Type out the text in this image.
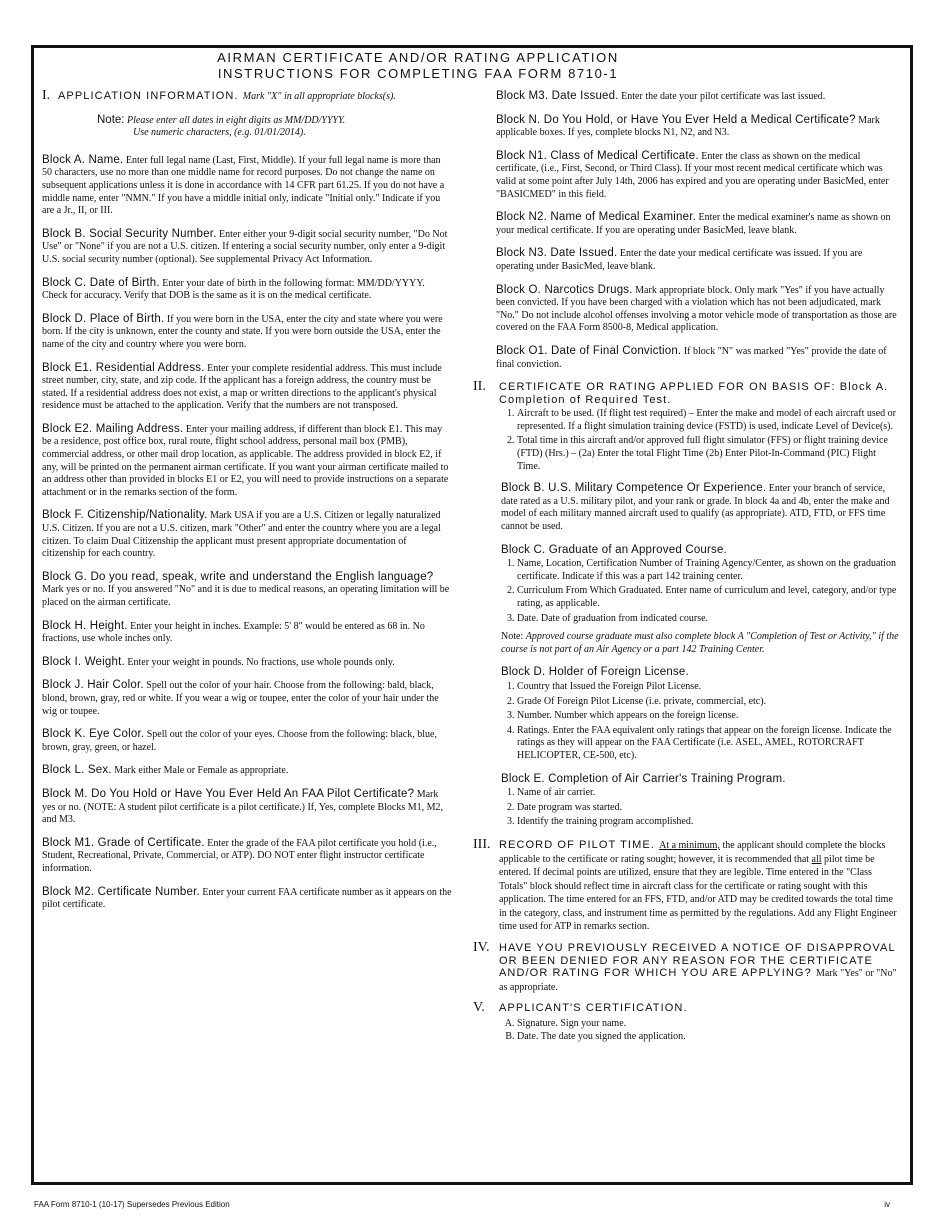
AIRMAN CERTIFICATE AND/OR RATING APPLICATION
INSTRUCTIONS FOR COMPLETING FAA FORM 8710-1
I. APPLICATION INFORMATION. Mark "X" in all appropriate blocks(s).
Note: Please enter all dates in eight digits as MM/DD/YYYY.
Use numeric characters, (e.g. 01/01/2014).
Block A. Name. Enter full legal name (Last, First, Middle). If your full legal name is more than 50 characters, use no more than one middle name for record purposes. Do not change the name on subsequent applications unless it is done in accordance with 14 CFR part 61.25. If you do not have a middle name, enter "NMN." If you have a middle initial only, indicate "Initial only." Indicate if you are a Jr., II, or III.
Block B. Social Security Number. Enter either your 9-digit social security number, "Do Not Use" or "None" if you are not a U.S. citizen. If entering a social security number, only enter a 9-digit U.S. social security number (optional). See supplemental Privacy Act Information.
Block C. Date of Birth. Enter your date of birth in the following format: MM/DD/YYYY. Check for accuracy. Verify that DOB is the same as it is on the medical certificate.
Block D. Place of Birth. If you were born in the USA, enter the city and state where you were born. If the city is unknown, enter the county and state. If you were born outside the USA, enter the name of the city and country where you were born.
Block E1. Residential Address. Enter your complete residential address. This must include street number, city, state, and zip code. If the applicant has a foreign address, the country must be stated. If a residential address does not exist, a map or written directions to the applicant's physical residence must be attached to the application. Verify that the numbers are not transposed.
Block E2. Mailing Address. Enter your mailing address, if different than block E1. This may be a residence, post office box, rural route, flight school address, personal mail box (PMB), commercial address, or other mail drop location, as applicable. The address provided in block E2, if any, will be printed on the permanent airman certificate. If you want your airman certificate mailed to an address other than provided in blocks E1 or E2, you will need to provide instructions on a separate attachment or in the remarks section of the form.
Block F. Citizenship/Nationality. Mark USA if you are a U.S. Citizen or legally naturalized U.S. Citizen. If you are not a U.S. citizen, mark "Other" and enter the country where you are a legal citizen. To claim Dual Citizenship the applicant must present appropriate documentation of citizenship for each country.
Block G. Do you read, speak, write and understand the English language? Mark yes or no. If you answered "No" and it is due to medical reasons, an operating limitation will be placed on the airman certificate.
Block H. Height. Enter your height in inches. Example: 5' 8" would be entered as 68 in. No fractions, use whole inches only.
Block I. Weight. Enter your weight in pounds. No fractions, use whole pounds only.
Block J. Hair Color. Spell out the color of your hair. Choose from the following: bald, black, blond, brown, gray, red or white. If you wear a wig or toupee, enter the color of your hair under the wig or toupee.
Block K. Eye Color. Spell out the color of your eyes. Choose from the following: black, blue, brown, gray, green, or hazel.
Block L. Sex. Mark either Male or Female as appropriate.
Block M. Do You Hold or Have You Ever Held An FAA Pilot Certificate? Mark yes or no. (NOTE: A student pilot certificate is a pilot certificate.) If, Yes, complete Blocks M1, M2, and M3.
Block M1. Grade of Certificate. Enter the grade of the FAA pilot certificate you hold (i.e., Student, Recreational, Private, Commercial, or ATP). DO NOT enter flight instructor certificate information.
Block M2. Certificate Number. Enter your current FAA certificate number as it appears on the pilot certificate.
Block M3. Date Issued. Enter the date your pilot certificate was last issued.
Block N. Do You Hold, or Have You Ever Held a Medical Certificate? Mark applicable boxes. If yes, complete blocks N1, N2, and N3.
Block N1. Class of Medical Certificate. Enter the class as shown on the medical certificate, (i.e., First, Second, or Third Class). If your most recent medical certificate which was valid at some point after July 14th, 2006 has expired and you are operating under BasicMed, enter "BASICMED" in this field.
Block N2. Name of Medical Examiner. Enter the medical examiner's name as shown on your medical certificate. If you are operating under BasicMed, leave blank.
Block N3. Date Issued. Enter the date your medical certificate was issued. If you are operating under BasicMed, leave blank.
Block O. Narcotics Drugs. Mark appropriate block. Only mark "Yes" if you have actually been convicted. If you have been charged with a violation which has not been adjudicated, mark "No." Do not include alcohol offenses involving a motor vehicle mode of transportation as those are covered on the FAA Form 8500-8, Medical application.
Block O1. Date of Final Conviction. If block "N" was marked "Yes" provide the date of final conviction.
II.	CERTIFICATE OR RATING APPLIED FOR ON BASIS OF: Block A. Completion of Required Test.
1. Aircraft to be used. (If flight test required) – Enter the make and model of each aircraft used or represented. If a flight simulation training device (FSTD) is used, indicate Level of Device(s).
2. Total time in this aircraft and/or approved full flight simulator (FFS) or flight training device (FTD) (Hrs.) – (2a) Enter the total Flight Time (2b) Enter Pilot-In-Command (PIC) Flight Time.
Block B. U.S. Military Competence Or Experience. Enter your branch of service, date rated as a U.S. military pilot, and your rank or grade. In block 4a and 4b, enter the make and model of each military manned aircraft used to qualify (as appropriate). ATD, FTD, or FFS time cannot be used.
Block C. Graduate of an Approved Course.
1. Name, Location, Certification Number of Training Agency/Center, as shown on the graduation certificate. Indicate if this was a part 142 training center.
2. Curriculum From Which Graduated. Enter name of curriculum and level, category, and/or type rating, as applicable.
3. Date. Date of graduation from indicated course.
Note: Approved course graduate must also complete block A "Completion of Test or Activity," if the course is not part of an Air Agency or a part 142 Training Center.
Block D. Holder of Foreign License.
1. Country that Issued the Foreign Pilot License.
2. Grade Of Foreign Pilot License (i.e. private, commercial, etc).
3. Number. Number which appears on the foreign license.
4. Ratings. Enter the FAA equivalent only ratings that appear on the foreign license. Indicate the ratings as they will appear on the FAA Certificate (i.e. ASEL, AMEL, ROTORCRAFT HELICOPTER, CE-500, etc).
Block E. Completion of Air Carrier's Training Program.
1. Name of air carrier.
2. Date program was started.
3. Identify the training program accomplished.
III. RECORD OF PILOT TIME. At a minimum, the applicant should complete the blocks applicable to the certificate or rating sought; however, it is recommended that all pilot time be entered. If decimal points are utilized, ensure that they are legible. Time entered in the "Class Totals" block should reflect time in aircraft class for the certificate or rating sought with this application. The time entered for an FFS, FTD, and/or ATD may be credited towards the total time in the category, class, and instrument time as permitted by the regulations. Add any Flight Engineer time used for ATP in remarks section.
IV. HAVE YOU PREVIOUSLY RECEIVED A NOTICE OF DISAPPROVAL OR BEEN DENIED FOR ANY REASON FOR THE CERTIFICATE AND/OR RATING FOR WHICH YOU ARE APPLYING? Mark "Yes" or "No" as appropriate.
V.	APPLICANT'S CERTIFICATION.
A. Signature. Sign your name.
B. Date. The date you signed the application.
FAA Form 8710-1 (10-17) Supersedes Previous Edition	iv
